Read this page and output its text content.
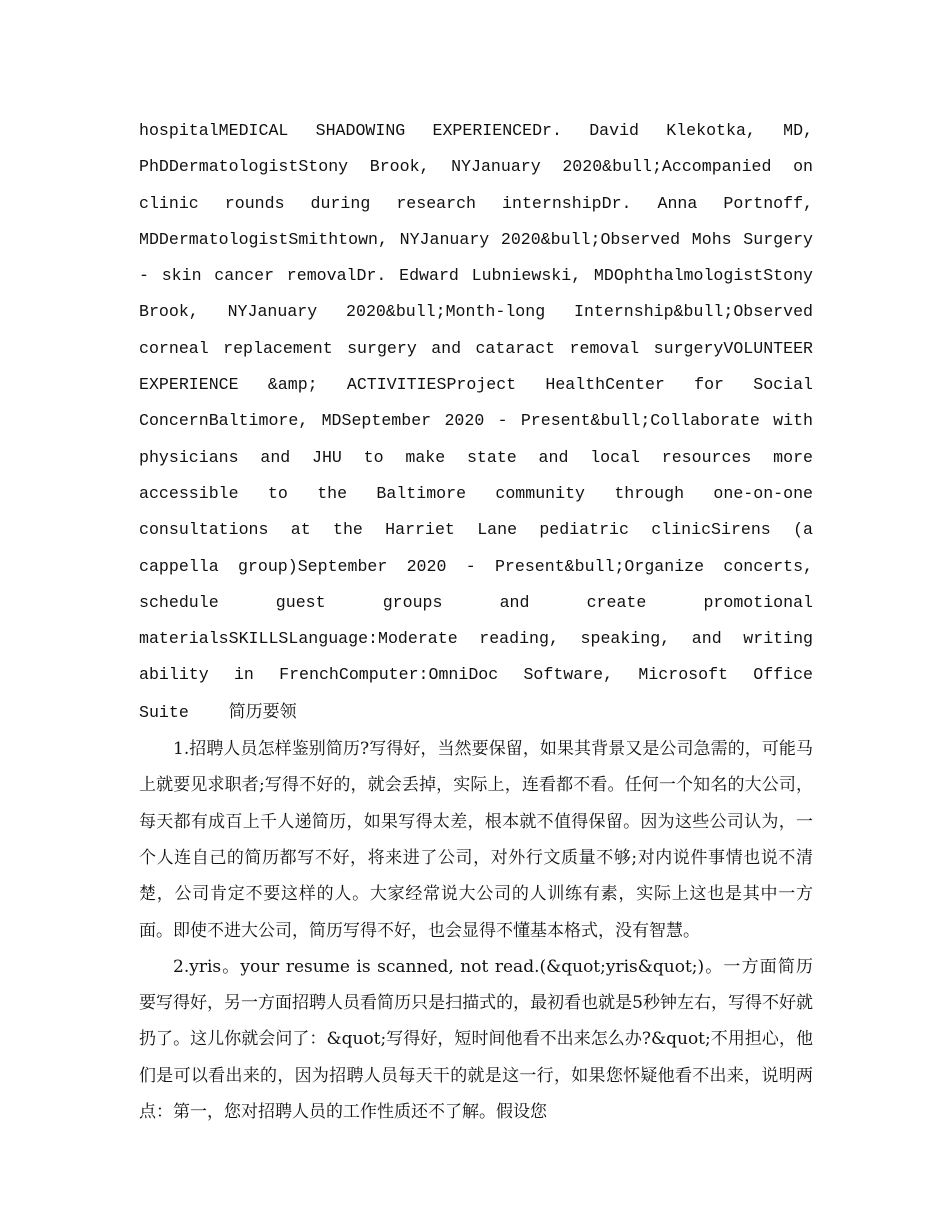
hospitalMEDICAL SHADOWING EXPERIENCEDr. David Klekotka, MD, PhDDermatologistStony Brook, NYJanuary 2020&bull;Accompanied on clinic rounds during research internshipDr. Anna Portnoff, MDDermatologistSmithtown, NYJanuary 2020&bull;Observed Mohs Surgery - skin cancer removalDr. Edward Lubniewski, MDOphthalmologistStony Brook, NYJanuary 2020&bull;Month-long Internship&bull;Observed corneal replacement surgery and cataract removal surgeryVOLUNTEER EXPERIENCE &amp; ACTIVITIESProject HealthCenter for Social ConcernBaltimore, MDSeptember 2020 - Present&bull;Collaborate with physicians and JHU to make state and local resources more accessible to the Baltimore community through one-on-one consultations at the Harriet Lane pediatric clinicSirens (a cappella group)September 2020 - Present&bull;Organize concerts, schedule guest groups and create promotional materialsSKILLSLanguage:Moderate reading, speaking, and writing ability in FrenchComputer:OmniDoc Software, Microsoft Office Suite 简历要领

1.招聘人员怎样鉴别简历?写得好，当然要保留，如果其背景又是公司急需的，可能马上就要见求职者;写得不好的，就会丢掉，实际上，连看都不看。任何一个知名的大公司，每天都有成百上千人递简历，如果写得太差，根本就不值得保留。因为这些公司认为，一个人连自己的简历都写不好，将来进了公司，对外行文质量不够;对内说件事情也说不清楚，公司肯定不要这样的人。大家经常说大公司的人训练有素，实际上这也是其中一方面。即使不进大公司，简历写得不好，也会显得不懂基本格式，没有智慧。

2.yris。your resume is scanned, not read.(&quot;yris&quot;)。一方面简历要写得好，另一方面招聘人员看简历只是扫描式的，最初看也就是5秒钟左右，写得不好就扔了。这儿你就会问了：&quot;写得好，短时间他看不出来怎么办?&quot;不用担心，他们是可以看出来的，因为招聘人员每天干的就是这一行，如果您怀疑他看不出来，说明两点：第一，您对招聘人员的工作性质还不了解。假设您
